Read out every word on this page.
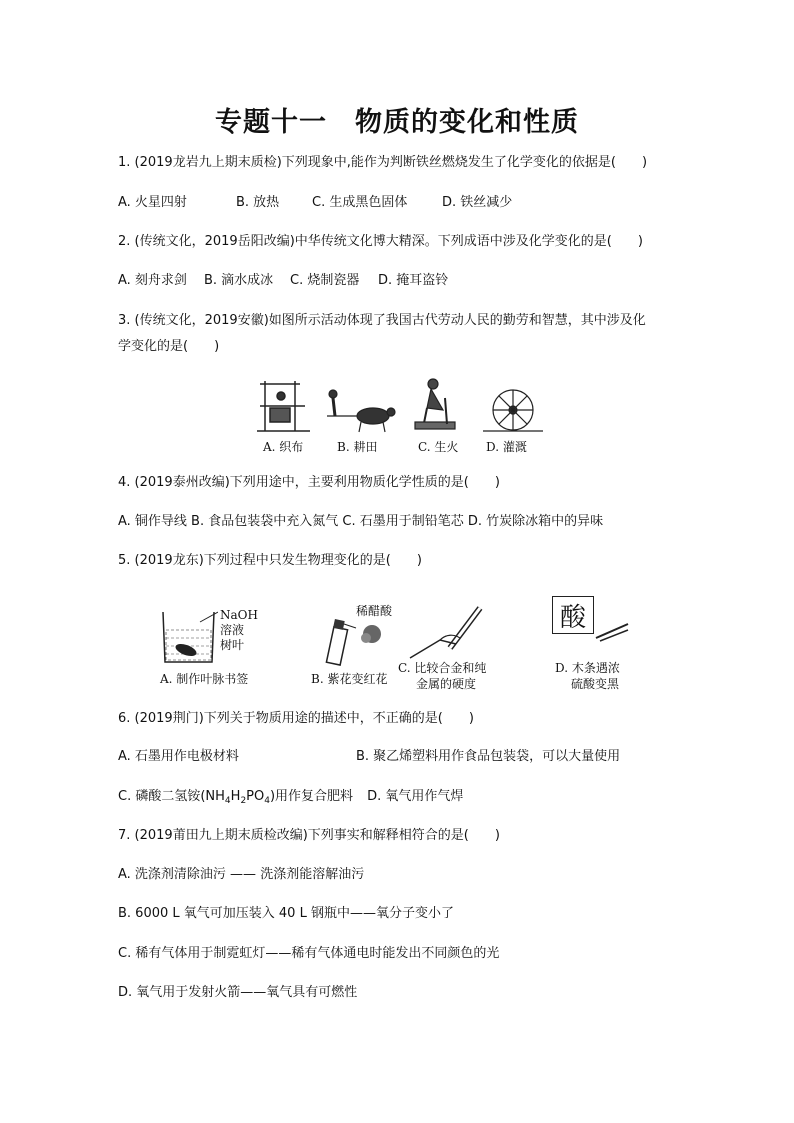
专题十一　物质的变化和性质
1. (2019龙岩九上期末质检)下列现象中,能作为判断铁丝燃烧发生了化学变化的依据是(　　)
A. 火星四射	B. 放热	C. 生成黑色固体	D. 铁丝减少
2. (传统文化，2019岳阳改编)中华传统文化博大精深。下列成语中涉及化学变化的是(　　)
A. 刻舟求剑 B. 滴水成冰 C. 烧制瓷器 D. 掩耳盗铃
3. (传统文化，2019安徽)如图所示活动体现了我国古代劳动人民的勤劳和智慧，其中涉及化
学变化的是(　　)
A. 织布	B. 耕田	C. 生火 D. 灌溉
4. (2019泰州改编)下列用途中，主要利用物质化学性质的是(　　)
A. 铜作导线 B. 食品包装袋中充入氮气 C. 石墨用于制铅笔芯 D. 竹炭除冰箱中的异味
5. (2019龙东)下列过程中只发生物理变化的是(　　)
NaOH
溶液
树叶
A. 制作叶脉书签
稀醋酸
B. 紫花变红花
C. 比较合金和纯
金属的硬度
酸
D. 木条遇浓
硫酸变黑
6. (2019荆门)下列关于物质用途的描述中，不正确的是(　　)
A. 石墨用作电极材料	B. 聚乙烯塑料用作食品包装袋，可以大量使用
C. 磷酸二氢铵$(NH_4H_2PO_4)$用作复合肥料 D. 氧气用作气焊
7. (2019莆田九上期末质检改编)下列事实和解释相符合的是(　　)
A. 洗涤剂清除油污 —— 洗涤剂能溶解油污
B. 6000 L 氧气可加压装入 40 L 钢瓶中——氧分子变小了
C. 稀有气体用于制霓虹灯——稀有气体通电时能发出不同颜色的光
D. 氧气用于发射火箭——氧气具有可燃性
